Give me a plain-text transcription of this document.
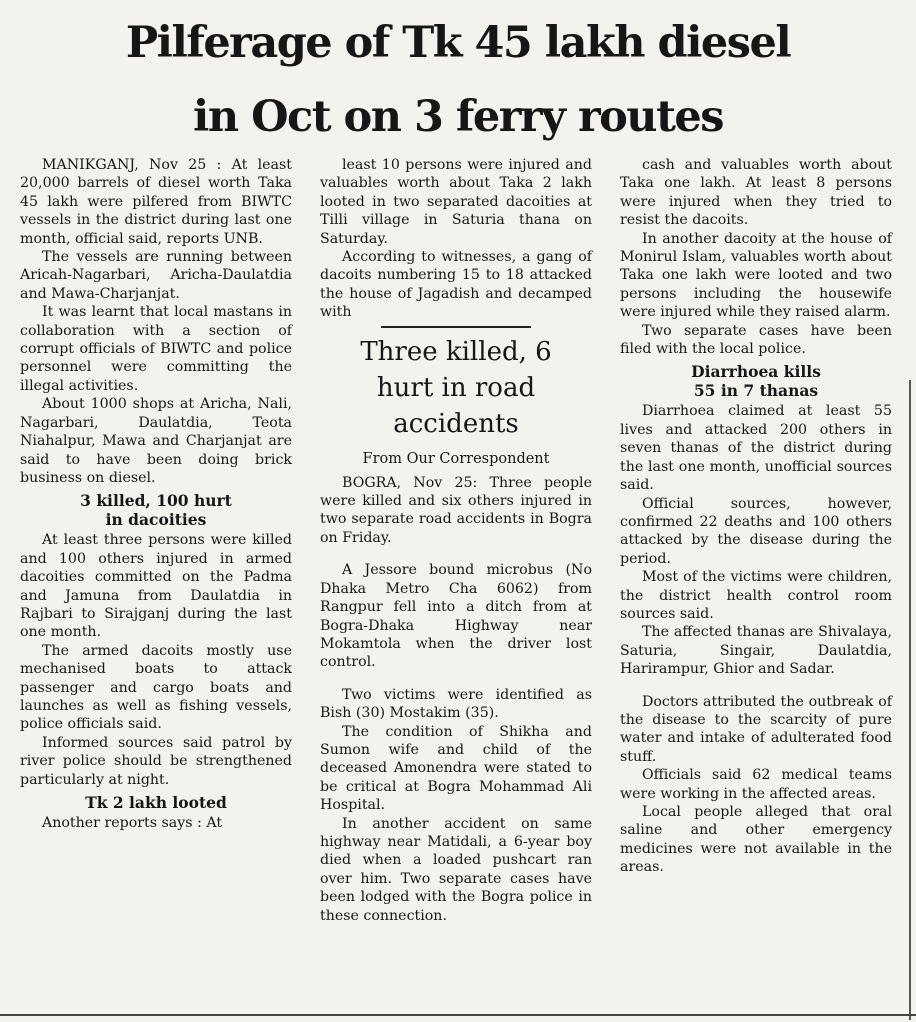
Pilferage of Tk 45 lakh diesel
in Oct on 3 ferry routes

MANIKGANJ, Nov 25 : At least 20,000 barrels of diesel worth Taka 45 lakh were pilfered from BIWTC vessels in the district during last one month, official said, reports UNB.

The vessels are running between Aricah-Nagarbari, Aricha-Daulatdia and Mawa-Charjanjat.

It was learnt that local mastans in collaboration with a section of corrupt officials of BIWTC and police personnel were committing the illegal activities.

About 1000 shops at Aricha, Nali, Nagarbari, Daulatdia, Teota Niahalpur, Mawa and Charjanjat are said to have been doing brick business on diesel.

3 killed, 100 hurt
in dacoities

At least three persons were killed and 100 others injured in armed dacoities committed on the Padma and Jamuna from Daulatdia in Rajbari to Sirajganj during the last one month.

The armed dacoits mostly use mechanised boats to attack passenger and cargo boats and launches as well as fishing vessels, police officials said.

Informed sources said patrol by river police should be strengthened particularly at night.

Tk 2 lakh looted

Another reports says : At

least 10 persons were injured and valuables worth about Taka 2 lakh looted in two separated dacoities at Tilli village in Saturia thana on Saturday.

According to witnesses, a gang of dacoits numbering 15 to 18 attacked the house of Jagadish and decamped with

Three killed, 6
hurt in road
accidents
From Our Correspondent

BOGRA, Nov 25: Three people were killed and six others injured in two separate road accidents in Bogra on Friday.

A Jessore bound microbus (No Dhaka Metro Cha 6062) from Rangpur fell into a ditch from at Bogra-Dhaka Highway near Mokamtola when the driver lost control.

Two victims were identified as Bish (30) Mostakim (35).

The condition of Shikha and Sumon wife and child of the deceased Amonendra were stated to be critical at Bogra Mohammad Ali Hospital.

In another accident on same highway near Matidali, a 6-year boy died when a loaded pushcart ran over him. Two separate cases have been lodged with the Bogra police in these connection.

cash and valuables worth about Taka one lakh. At least 8 persons were injured when they tried to resist the dacoits.

In another dacoity at the house of Monirul Islam, valuables worth about Taka one lakh were looted and two persons including the housewife were injured while they raised alarm.

Two separate cases have been filed with the local police.

Diarrhoea kills
55 in 7 thanas

Diarrhoea claimed at least 55 lives and attacked 200 others in seven thanas of the district during the last one month, unofficial sources said.

Official sources, however, confirmed 22 deaths and 100 others attacked by the disease during the period.

Most of the victims were children, the district health control room sources said.

The affected thanas are Shivalaya, Saturia, Singair, Daulatdia, Harirampur, Ghior and Sadar.

Doctors attributed the outbreak of the disease to the scarcity of pure water and intake of adulterated food stuff.

Officials said 62 medical teams were working in the affected areas.

Local people alleged that oral saline and other emergency medicines were not available in the areas.
